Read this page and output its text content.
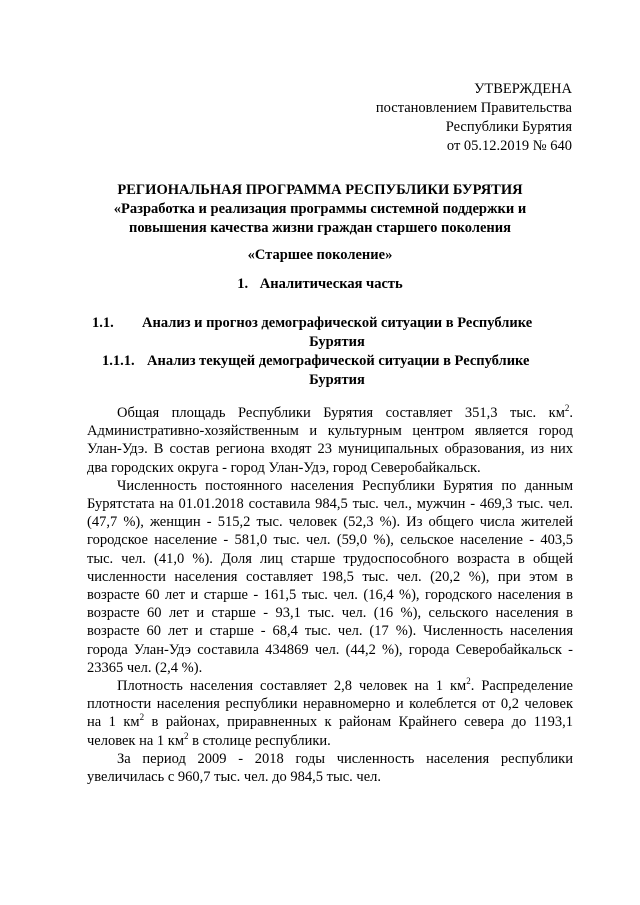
УТВЕРЖДЕНА
постановлением Правительства
Республики Бурятия
от 05.12.2019 № 640
РЕГИОНАЛЬНАЯ ПРОГРАММА РЕСПУБЛИКИ БУРЯТИЯ
«Разработка и реализация программы системной поддержки и повышения качества жизни граждан старшего поколения
«Старшее поколение»
1. Аналитическая часть
1.1.	Анализ и прогноз демографической ситуации в Республике
Бурятия
1.1.1. Анализ текущей демографической ситуации в Республике
Бурятия

Общая площадь Республики Бурятия составляет 351,3 тыс. $км^2$. Административно-хозяйственным и культурным центром является город Улан-Удэ. В состав региона входят 23 муниципальных образования, из них два городских округа - город Улан-Удэ, город Северобайкальск.

Численность постоянного населения Республики Бурятия по данным Бурятстата на 01.01.2018 составила 984,5 тыс. чел., мужчин - 469,3 тыс. чел. (47,7 %), женщин - 515,2 тыс. человек (52,3 %). Из общего числа жителей городское население - 581,0 тыс. чел. (59,0 %), сельское население - 403,5 тыс. чел. (41,0 %). Доля лиц старше трудоспособного возраста в общей численности населения составляет 198,5 тыс. чел. (20,2 %), при этом в возрасте 60 лет и старше - 161,5 тыс. чел. (16,4 %), городского населения в возрасте 60 лет и старше - 93,1 тыс. чел. (16 %), сельского населения в возрасте 60 лет и старше - 68,4 тыс. чел. (17 %). Численность населения города Улан-Удэ составила 434869 чел. (44,2 %), города Северобайкальск - 23365 чел. (2,4 %).

Плотность населения составляет 2,8 человек на 1 $км^2$. Распределение плотности населения республики неравномерно и колеблется от 0,2 человек на 1 $км^2$ в районах, приравненных к районам Крайнего севера до 1193,1 человек на 1 $км^2$ в столице республики.

За период 2009 - 2018 годы численность населения республики увеличилась с 960,7 тыс. чел. до 984,5 тыс. чел.
